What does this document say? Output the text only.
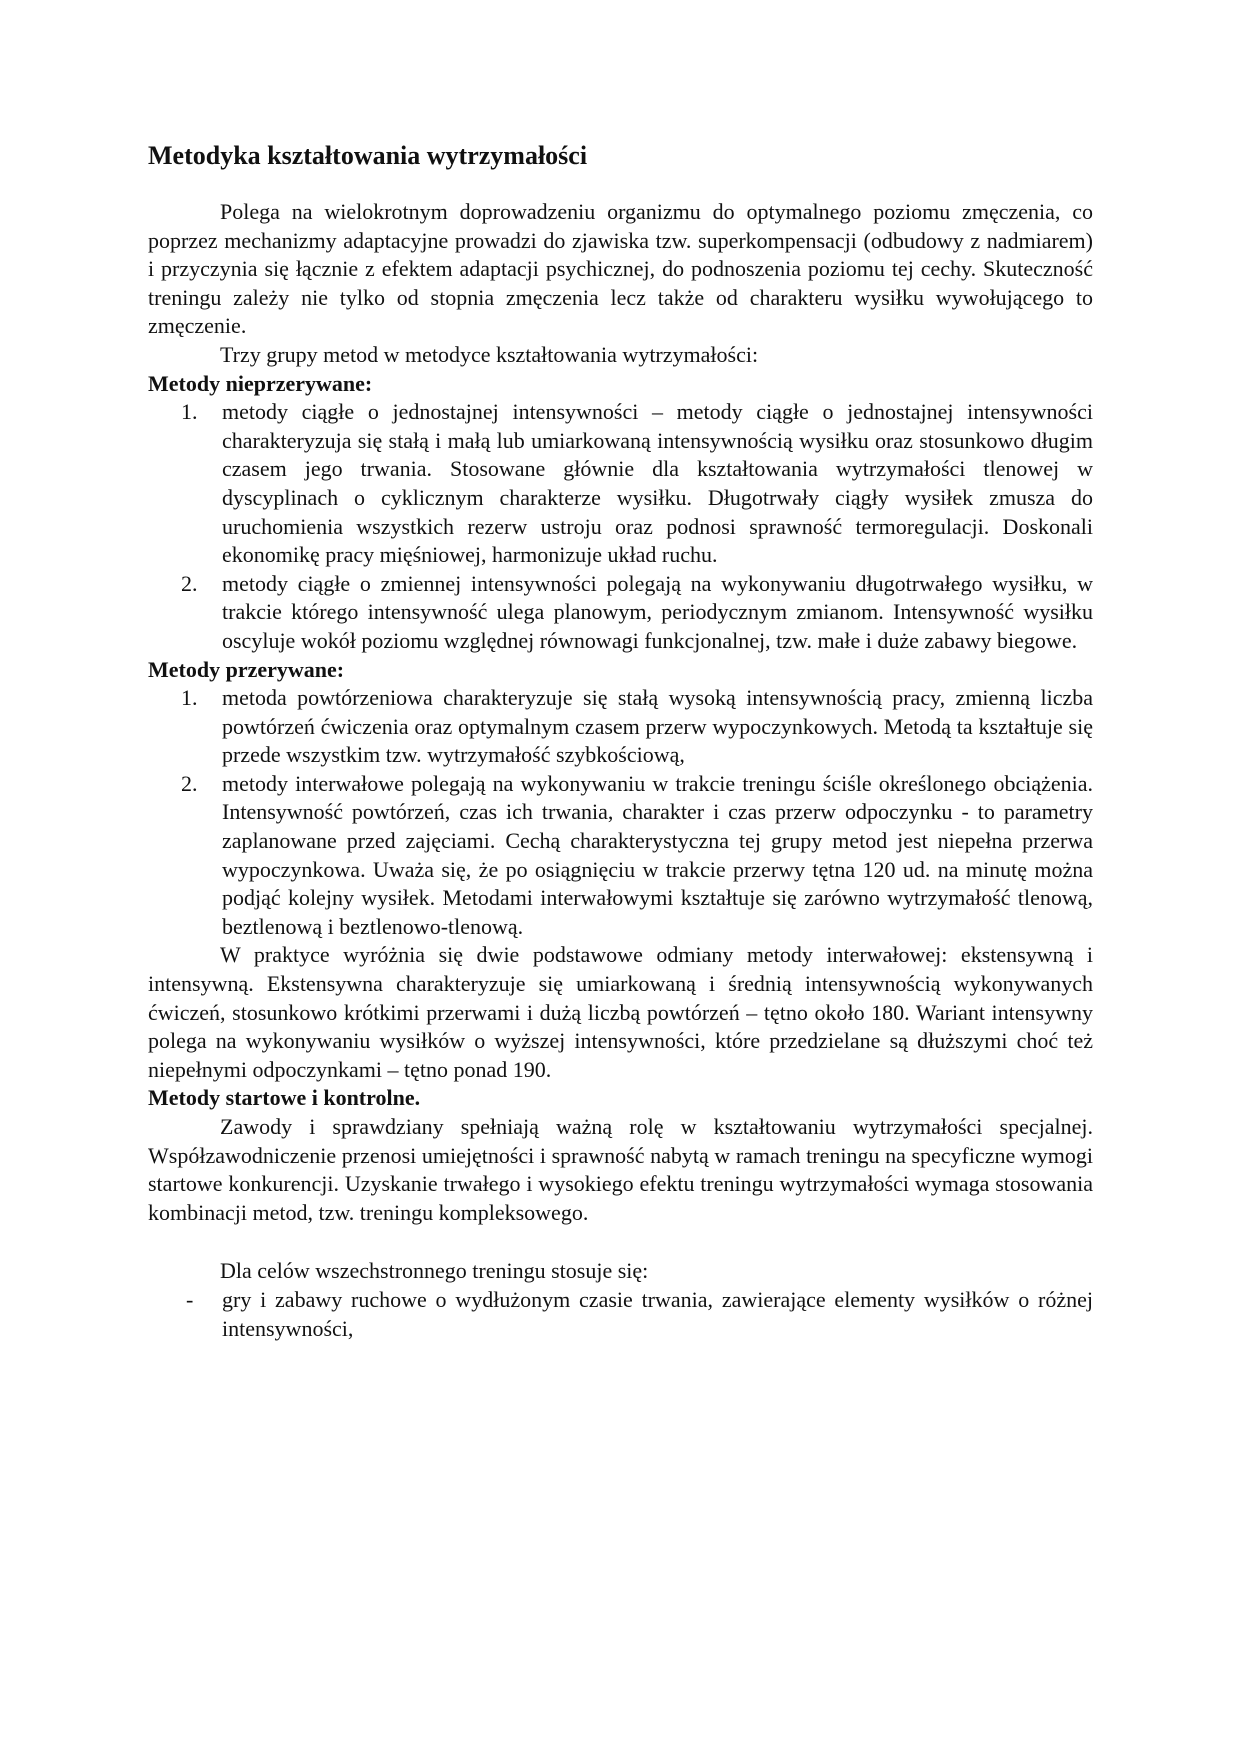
Metodyka kształtowania wytrzymałości

Polega na wielokrotnym doprowadzeniu organizmu do optymalnego poziomu zmęczenia, co poprzez mechanizmy adaptacyjne prowadzi do zjawiska tzw. superkompensacji (odbudowy z nadmiarem) i przyczynia się łącznie z efektem adaptacji psychicznej, do podnoszenia poziomu tej cechy. Skuteczność treningu zależy nie tylko od stopnia zmęczenia lecz także od charakteru wysiłku wywołującego to zmęczenie.

Trzy grupy metod w metodyce kształtowania wytrzymałości:

Metody nieprzerywane:

1. metody ciągłe o jednostajnej intensywności – metody ciągłe o jednostajnej intensywności charakteryzuja się stałą i małą lub umiarkowaną intensywnością wysiłku oraz stosunkowo długim czasem jego trwania. Stosowane głównie dla kształtowania wytrzymałości tlenowej w dyscyplinach o cyklicznym charakterze wysiłku. Długotrwały ciągły wysiłek zmusza do uruchomienia wszystkich rezerw ustroju oraz podnosi sprawność termoregulacji. Doskonali ekonomikę pracy mięśniowej, harmonizuje układ ruchu.
2. metody ciągłe o zmiennej intensywności polegają na wykonywaniu długotrwałego wysiłku, w trakcie którego intensywność ulega planowym, periodycznym zmianom. Intensywność wysiłku oscyluje wokół poziomu względnej równowagi funkcjonalnej, tzw. małe i duże zabawy biegowe.

Metody przerywane:

1. metoda powtórzeniowa charakteryzuje się stałą wysoką intensywnością pracy, zmienną liczba powtórzeń ćwiczenia oraz optymalnym czasem przerw wypoczynkowych. Metodą ta kształtuje się przede wszystkim tzw. wytrzymałość szybkościową,
2. metody interwałowe polegają na wykonywaniu w trakcie treningu ściśle określonego obciążenia. Intensywność powtórzeń, czas ich trwania, charakter i czas przerw odpoczynku - to parametry zaplanowane przed zajęciami. Cechą charakterystyczna tej grupy metod jest niepełna przerwa wypoczynkowa. Uważa się, że po osiągnięciu w trakcie przerwy tętna 120 ud. na minutę można podjąć kolejny wysiłek. Metodami interwałowymi kształtuje się zarówno wytrzymałość tlenową, beztlenową i beztlenowo-tlenową.

W praktyce wyróżnia się dwie podstawowe odmiany metody interwałowej: ekstensywną i intensywną. Ekstensywna charakteryzuje się umiarkowaną i średnią intensywnością wykonywanych ćwiczeń, stosunkowo krótkimi przerwami i dużą liczbą powtórzeń – tętno około 180. Wariant intensywny polega na wykonywaniu wysiłków o wyższej intensywności, które przedzielane są dłuższymi choć też niepełnymi odpoczynkami – tętno ponad 190.

Metody startowe i kontrolne.

Zawody i sprawdziany spełniają ważną rolę w kształtowaniu wytrzymałości specjalnej. Współzawodniczenie przenosi umiejętności i sprawność nabytą w ramach treningu na specyficzne wymogi startowe konkurencji. Uzyskanie trwałego i wysokiego efektu treningu wytrzymałości wymaga stosowania kombinacji metod, tzw. treningu kompleksowego.

Dla celów wszechstronnego treningu stosuje się:

- gry i zabawy ruchowe o wydłużonym czasie trwania, zawierające elementy wysiłków o różnej intensywności,
